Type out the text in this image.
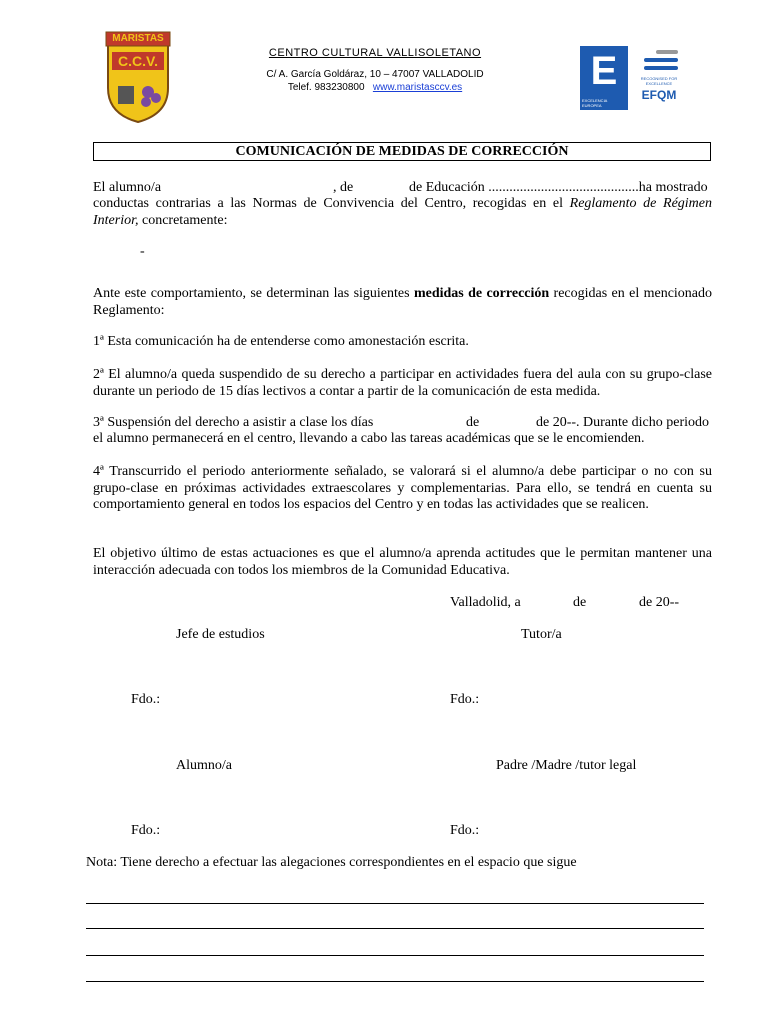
MARISTAS
C.C.V.	CENTRO CULTURAL VALLISOLETANO
C/ A. García Goldáraz, 10 – 47007 VALLADOLID
Telef. 983230800 www.maristasccv.es	E
EXCELENCIA EUROPEA
RECOGNISED FOR EXCELLENCE
EFQM
COMUNICACIÓN DE MEDIDAS DE CORRECCIÓN
El alumno/a	, de	de Educación ...........................................ha mostrado
conductas contrarias a las Normas de Convivencia del Centro, recogidas en el Reglamento de Régimen Interior, concretamente:
-
Ante este comportamiento, se determinan las siguientes medidas de corrección recogidas en el mencionado Reglamento:
1ª Esta comunicación ha de entenderse como amonestación escrita.
2ª El alumno/a queda suspendido de su derecho a participar en actividades fuera del aula con su grupo-clase durante un periodo de 15 días lectivos a contar a partir de la comunicación de esta medida.
3ª Suspensión del derecho a asistir a clase los días	de	de 20--. Durante dicho periodo
el alumno permanecerá en el centro, llevando a cabo las tareas académicas que se le encomienden.
4ª Transcurrido el periodo anteriormente señalado, se valorará si el alumno/a debe participar o no con su grupo-clase en próximas actividades extraescolares y complementarias. Para ello, se tendrá en cuenta su comportamiento general en todos los espacios del Centro y en todas las actividades que se realicen.
El objetivo último de estas actuaciones es que el alumno/a aprenda actitudes que le permitan mantener una interacción adecuada con todos los miembros de la Comunidad Educativa.
Valladolid, a	de	de 20--
Jefe de estudios	Tutor/a
Fdo.:	Fdo.:
Alumno/a	Padre /Madre /tutor legal
Fdo.:	Fdo.:
Nota: Tiene derecho a efectuar las alegaciones correspondientes en el espacio que sigue
